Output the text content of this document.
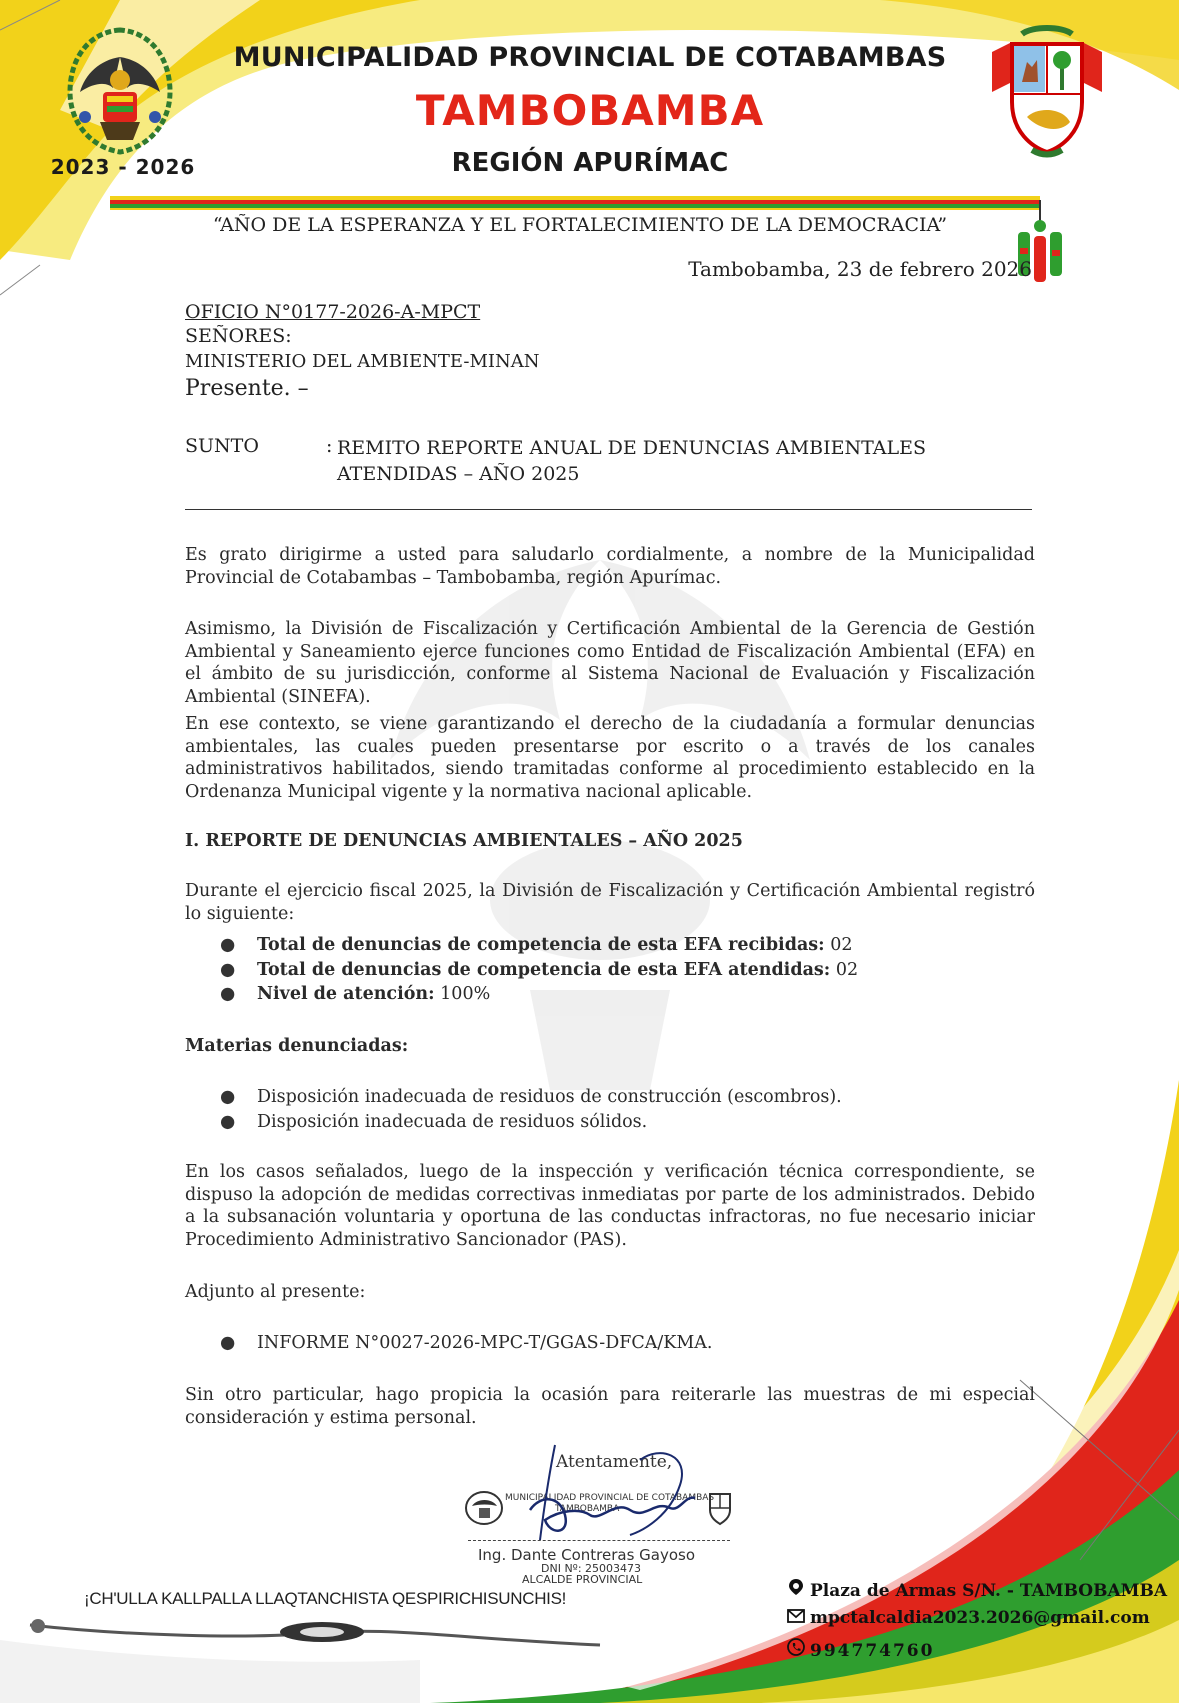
MUNICIPALIDAD PROVINCIAL DE COTABAMBAS
TAMBOBAMBA
REGIÓN APURÍMAC
2023 - 2026
“AÑO DE LA ESPERANZA Y EL FORTALECIMIENTO DE LA DEMOCRACIA”
Tambobamba, 23 de febrero 2026
OFICIO N°0177-2026-A-MPCT
SEÑORES:
MINISTERIO DEL AMBIENTE-MINAN
Presente. –
SUNTO	: REMITO REPORTE ANUAL DE DENUNCIAS AMBIENTALES ATENDIDAS – AÑO 2025
Es grato dirigirme a usted para saludarlo cordialmente, a nombre de la Municipalidad Provincial de Cotabambas – Tambobamba, región Apurímac.
Asimismo, la División de Fiscalización y Certificación Ambiental de la Gerencia de Gestión Ambiental y Saneamiento ejerce funciones como Entidad de Fiscalización Ambiental (EFA) en el ámbito de su jurisdicción, conforme al Sistema Nacional de Evaluación y Fiscalización Ambiental (SINEFA).
En ese contexto, se viene garantizando el derecho de la ciudadanía a formular denuncias ambientales, las cuales pueden presentarse por escrito o a través de los canales administrativos habilitados, siendo tramitadas conforme al procedimiento establecido en la Ordenanza Municipal vigente y la normativa nacional aplicable.
I. REPORTE DE DENUNCIAS AMBIENTALES – AÑO 2025
Durante el ejercicio fiscal 2025, la División de Fiscalización y Certificación Ambiental registró lo siguiente:
● Total de denuncias de competencia de esta EFA recibidas: 02
● Total de denuncias de competencia de esta EFA atendidas: 02
● Nivel de atención: 100%
Materias denunciadas:
● Disposición inadecuada de residuos de construcción (escombros).
● Disposición inadecuada de residuos sólidos.
En los casos señalados, luego de la inspección y verificación técnica correspondiente, se dispuso la adopción de medidas correctivas inmediatas por parte de los administrados. Debido a la subsanación voluntaria y oportuna de las conductas infractoras, no fue necesario iniciar Procedimiento Administrativo Sancionador (PAS).
Adjunto al presente:
● INFORME N°0027-2026-MPC-T/GGAS-DFCA/KMA.
Sin otro particular, hago propicia la ocasión para reiterarle las muestras de mi especial consideración y estima personal.
Atentamente,
MUNICIPALIDAD PROVINCIAL DE COTABAMBAS
TAMBOBAMBA
Ing. Dante Contreras Gayoso
DNI Nº: 25003473
ALCALDE PROVINCIAL
¡CH'ULLA KALLPALLA LLAQTANCHISTA QESPIRICHISUNCHIS!	Plaza de Armas S/N. - TAMBOBAMBA
mpctalcaldia2023.2026@gmail.com
994774760
